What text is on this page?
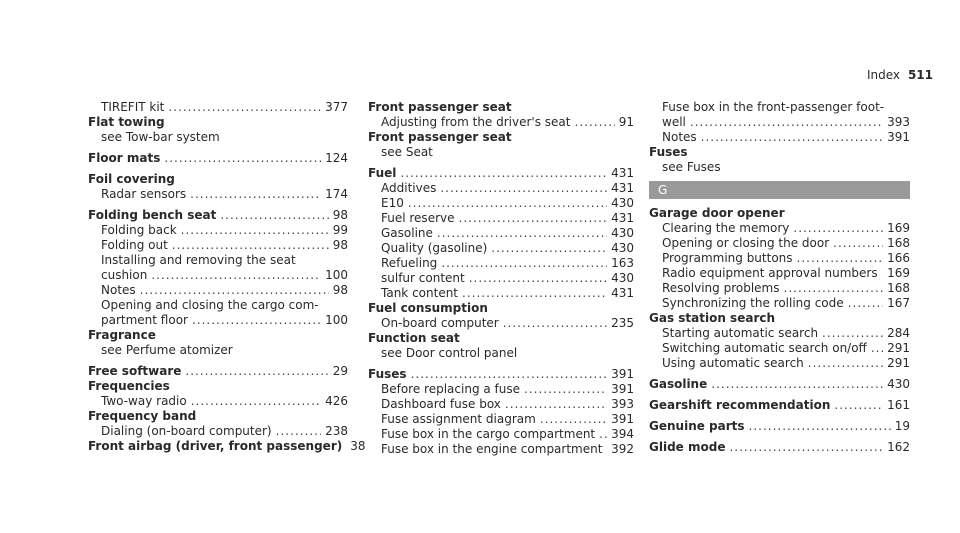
Index 511
TIREFIT kit .....	377
Flat towing
see Tow-bar system
Floor mats .....	124
Foil covering
Radar sensors .....	174
Folding bench seat .....	98
Folding back .....	99
Folding out .....	98
Installing and removing the seat
cushion .....	100
Notes .....	98
Opening and closing the cargo com-
partment floor .....	100
Fragrance
see Perfume atomizer
Free software .....	29
Frequencies
Two-way radio .....	426
Frequency band
Dialing (on-board computer) .....	238
Front airbag (driver, front passenger) 38
Front passenger seat
Adjusting from the driver's seat .....	91
Front passenger seat
see Seat
Fuel .....	431
Additives .....	431
E10 .....	430
Fuel reserve .....	431
Gasoline .....	430
Quality (gasoline) .....	430
Refueling .....	163
sulfur content .....	430
Tank content .....	431
Fuel consumption
On-board computer .....	235
Function seat
see Door control panel
Fuses .....	391
Before replacing a fuse .....	391
Dashboard fuse box .....	393
Fuse assignment diagram .....	391
Fuse box in the cargo compartment ..... 394
Fuse box in the engine compartment ..... 392
Fuse box in the front-passenger foot-
well .....	393
Notes .....	391
Fuses
see Fuses
G
Garage door opener
Clearing the memory .....	169
Opening or closing the door .....	168
Programming buttons .....	166
Radio equipment approval numbers ..... 169
Resolving problems .....	168
Synchronizing the rolling code .....	167
Gas station search
Starting automatic search .....	284
Switching automatic search on/off ..... 291
Using automatic search .....	291
Gasoline .....	430
Gearshift recommendation .....	161
Genuine parts .....	19
Glide mode .....	162
